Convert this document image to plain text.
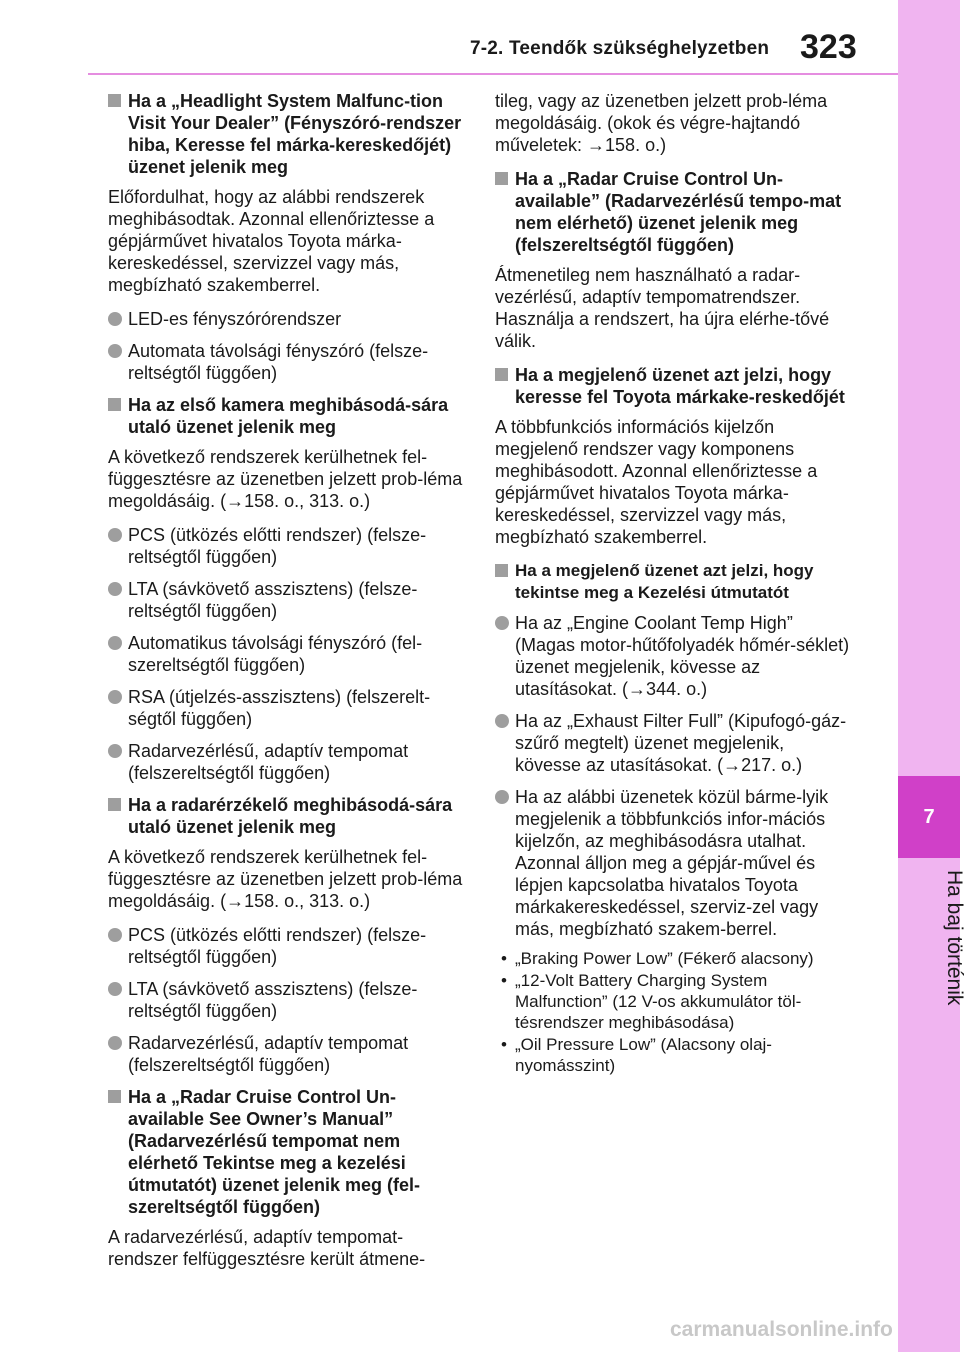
7-2. Teendők szükséghelyzetben 323
7
Ha baj történik
Ha a „Headlight System Malfunc-tion Visit Your Dealer” (Fényszóró-rendszer hiba, Keresse fel márka-kereskedőjét) üzenet jelenik meg

Előfordulhat, hogy az alábbi rendszerek meghibásodtak. Azonnal ellenőriztesse a gépjárművet hivatalos Toyota márka-kereskedéssel, szervizzel vagy más, megbízható szakemberrel.

LED-es fényszórórendszer
Automata távolsági fényszóró (felsze-reltségtől függően)
Ha az első kamera meghibásodá-sára utaló üzenet jelenik meg

A következő rendszerek kerülhetnek fel-függesztésre az üzenetben jelzett prob-léma megoldásáig. (→158. o., 313. o.)

PCS (ütközés előtti rendszer) (felsze-reltségtől függően)
LTA (sávkövető asszisztens) (felsze-reltségtől függően)
Automatikus távolsági fényszóró (fel-szereltségtől függően)
RSA (útjelzés-asszisztens) (felszerelt-ségtől függően)
Radarvezérlésű, adaptív tempomat (felszereltségtől függően)
Ha a radarérzékelő meghibásodá-sára utaló üzenet jelenik meg

A következő rendszerek kerülhetnek fel-függesztésre az üzenetben jelzett prob-léma megoldásáig. (→158. o., 313. o.)

PCS (ütközés előtti rendszer) (felsze-reltségtől függően)
LTA (sávkövető asszisztens) (felsze-reltségtől függően)
Radarvezérlésű, adaptív tempomat (felszereltségtől függően)
Ha a „Radar Cruise Control Un-available See Owner’s Manual” (Radarvezérlésű tempomat nem elérhető Tekintse meg a kezelési útmutatót) üzenet jelenik meg (fel-szereltségtől függően)

A radarvezérlésű, adaptív tempomat-rendszer felfüggesztésre került átmene-

tileg, vagy az üzenetben jelzett prob-léma megoldásáig. (okok és végre-hajtandó műveletek: →158. o.)

Ha a „Radar Cruise Control Un-available” (Radarvezérlésű tempo-mat nem elérhető) üzenet jelenik meg (felszereltségtől függően)

Átmenetileg nem használható a radar-vezérlésű, adaptív tempomatrendszer. Használja a rendszert, ha újra elérhe-tővé válik.

Ha a megjelenő üzenet azt jelzi, hogy keresse fel Toyota márkake-reskedőjét

A többfunkciós információs kijelzőn megjelenő rendszer vagy komponens meghibásodott. Azonnal ellenőriztesse a gépjárművet hivatalos Toyota márka-kereskedéssel, szervizzel vagy más, megbízható szakemberrel.

Ha a megjelenő üzenet azt jelzi, hogy tekintse meg a Kezelési útmutatót
Ha az „Engine Coolant Temp High” (Magas motor-hűtőfolyadék hőmér-séklet) üzenet megjelenik, kövesse az utasításokat. (→344. o.)
Ha az „Exhaust Filter Full” (Kipufogó-gáz-szűrő megtelt) üzenet megjelenik, kövesse az utasításokat. (→217. o.)
Ha az alábbi üzenetek közül bárme-lyik megjelenik a többfunkciós infor-mációs kijelzőn, az meghibásodásra utalhat. Azonnal álljon meg a gépjár-művel és lépjen kapcsolatba hivatalos Toyota márkakereskedéssel, szerviz-zel vagy más, megbízható szakem-berrel.
• „Braking Power Low” (Fékerő alacsony)
• „12-Volt Battery Charging System Malfunction” (12 V-os akkumulátor töl-tésrendszer meghibásodása)
• „Oil Pressure Low” (Alacsony olaj-nyomásszint)
carmanualsonline.info
